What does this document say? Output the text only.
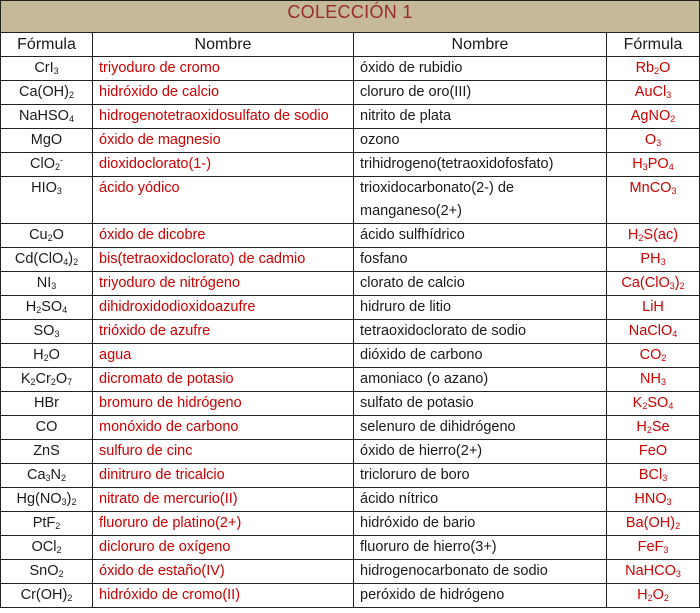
COLECCIÓN 1			
Fórmula	Nombre	Nombre	Fórmula
CrI$_3$	triyoduro de cromo	óxido de rubidio	$Rb_2O$
$Ca(OH)_2$	hidróxido de calcio	cloruro de oro(III)	AuCl$_3$
NaHSO$_4$	hidrogenotetraoxidosulfato de sodio	nitrito de plata	AgNO$_2$
MgO	óxido de magnesio	ozono	$O_3$
ClO$_2$-	dioxidoclorato(1-)	trihidrogeno(tetraoxidofosfato)	$H_3PO_4$
$HIO_3$	ácido yódico	trioxidocarbonato(2-) de manganeso(2+)	MnCO$_3$
$Cu_2O$	óxido de dicobre	ácido sulfhídrico	$H_2S(ac)$
$Cd(ClO_4)_2$	bis(tetraoxidoclorato) de cadmio	fosfano	$PH_3$
$NI_3$	triyoduro de nitrógeno	clorato de calcio	$Ca(ClO_3)_2$
$H_2SO_4$	dihidroxidodioxidoazufre	hidruro de litio	LiH
$SO_3$	trióxido de azufre	tetraoxidoclorato de sodio	NaClO$_4$
$H_2O$	agua	dióxido de carbono	$CO_2$
$K_2Cr_2O_7$	dicromato de potasio	amoniaco (o azano)	$NH_3$
HBr	bromuro de hidrógeno	sulfato de potasio	$K_2SO_4$
CO	monóxido de carbono	selenuro de dihidrógeno	$H_2Se$
ZnS	sulfuro de cinc	óxido de hierro(2+)	FeO
$Ca_3N_2$	dinitruro de tricalcio	tricloruro de boro	BCl$_3$
$Hg(NO_3)_2$	nitrato de mercurio(II)	ácido nítrico	$HNO_3$
PtF$_2$	fluoruro de platino(2+)	hidróxido de bario	$Ba(OH)_2$
OCl$_2$	dicloruro de oxígeno	fluoruro de hierro(3+)	FeF$_3$
SnO$_2$	óxido de estaño(IV)	hidrogenocarbonato de sodio	NaHCO$_3$
$Cr(OH)_2$	hidróxido de cromo(II)	peróxido de hidrógeno	$H_2O_2$
